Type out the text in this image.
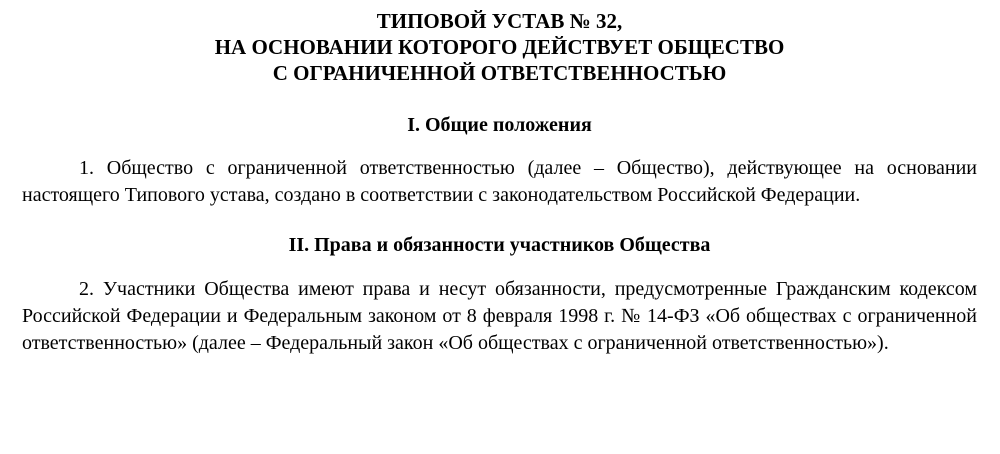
ТИПОВОЙ УСТАВ № 32,
НА ОСНОВАНИИ КОТОРОГО ДЕЙСТВУЕТ ОБЩЕСТВО
С ОГРАНИЧЕННОЙ ОТВЕТСТВЕННОСТЬЮ
I. Общие положения

1. Общество с ограниченной ответственностью (далее – Общество), действующее на основании настоящего Типового устава, создано в соответствии с законодательством Российской Федерации.

II. Права и обязанности участников Общества

2. Участники Общества имеют права и несут обязанности, предусмотренные Гражданским кодексом Российской Федерации и Федеральным законом от 8 февраля 1998 г. № 14-ФЗ «Об обществах с ограниченной ответственностью» (далее – Федеральный закон «Об обществах с ограниченной ответственностью»).
